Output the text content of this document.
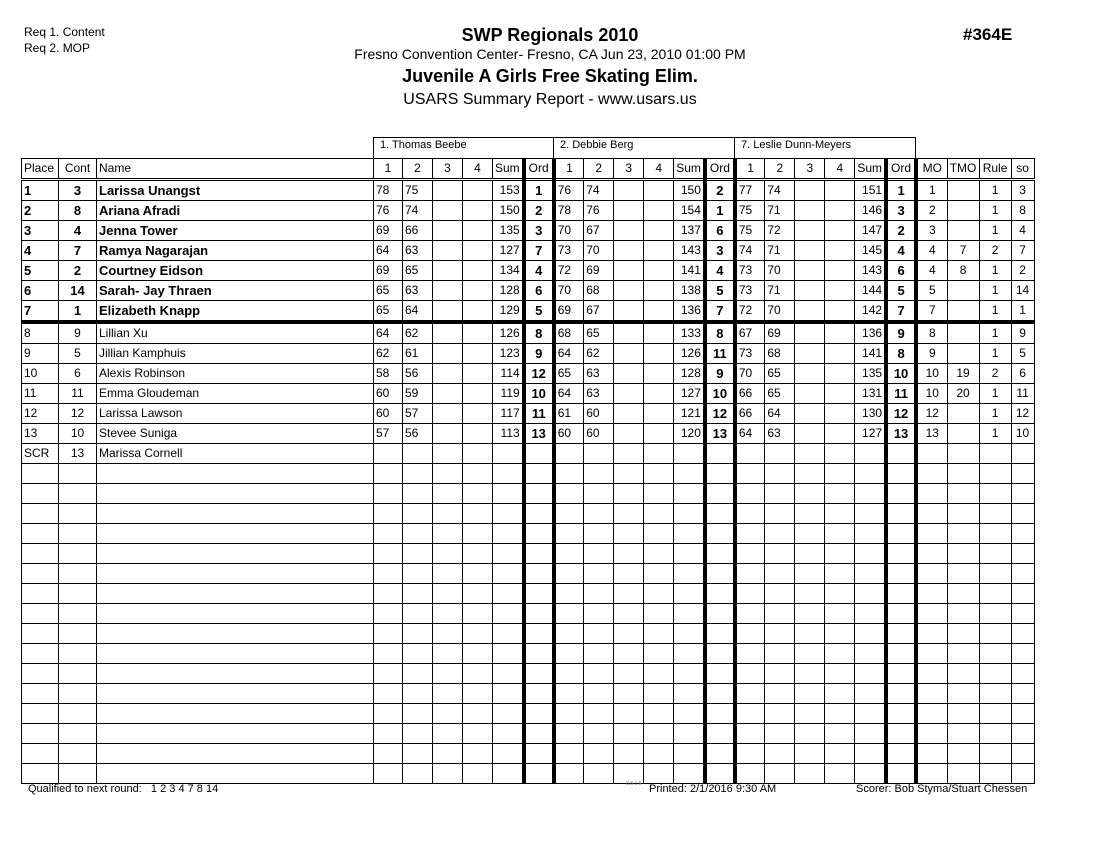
Req 1. Content
Req 2. MOP
SWP Regionals 2010
Fresno Convention Center- Fresno, CA Jun 23, 2010 01:00 PM
Juvenile A Girls Free Skating Elim.
USARS Summary Report - www.usars.us
#364E
1. Thomas Beebe	2. Debbie Berg	7. Leslie Dunn-Meyers
Place	Cont	Name	1	2	3	4	Sum	Ord	1	2	3	4	Sum	Ord	1	2	3	4	Sum	Ord	MO	TMO	Rule	so
1	3	Larissa Unangst	78	75			153	1	76	74			150	2	77	74			151	1	1		1	3
2	8	Ariana Afradi	76	74			150	2	78	76			154	1	75	71			146	3	2		1	8
3	4	Jenna Tower	69	66			135	3	70	67			137	6	75	72			147	2	3		1	4
4	7	Ramya Nagarajan	64	63			127	7	73	70			143	3	74	71			145	4	4	7	2	7
5	2	Courtney Eidson	69	65			134	4	72	69			141	4	73	70			143	6	4	8	1	2
6	14	Sarah- Jay Thraen	65	63			128	6	70	68			138	5	73	71			144	5	5		1	14
7	1	Elizabeth Knapp	65	64			129	5	69	67			136	7	72	70			142	7	7		1	1
8	9	Lillian Xu	64	62			126	8	68	65			133	8	67	69			136	9	8		1	9
9	5	Jillian Kamphuis	62	61			123	9	64	62			126	11	73	68			141	8	9		1	5
10	6	Alexis Robinson	58	56			114	12	65	63			128	9	70	65			135	10	10	19	2	6
11	11	Emma Gloudeman	60	59			119	10	64	63			127	10	66	65			131	11	10	20	1	11
12	12	Larissa Lawson	60	57			117	11	61	60			121	12	66	64			130	12	12		1	12
13	10	Stevee Suniga	57	56			113	13	60	60			120	13	64	63			127	13	13		1	10
SCR	13	Marissa Cornell																						

Qualified to next round: 1 2 3 4 7 8 14	3.8.1.6 Printed: 2/1/2016 9:30 AM	Scorer: Bob Styma/Stuart Chessen
